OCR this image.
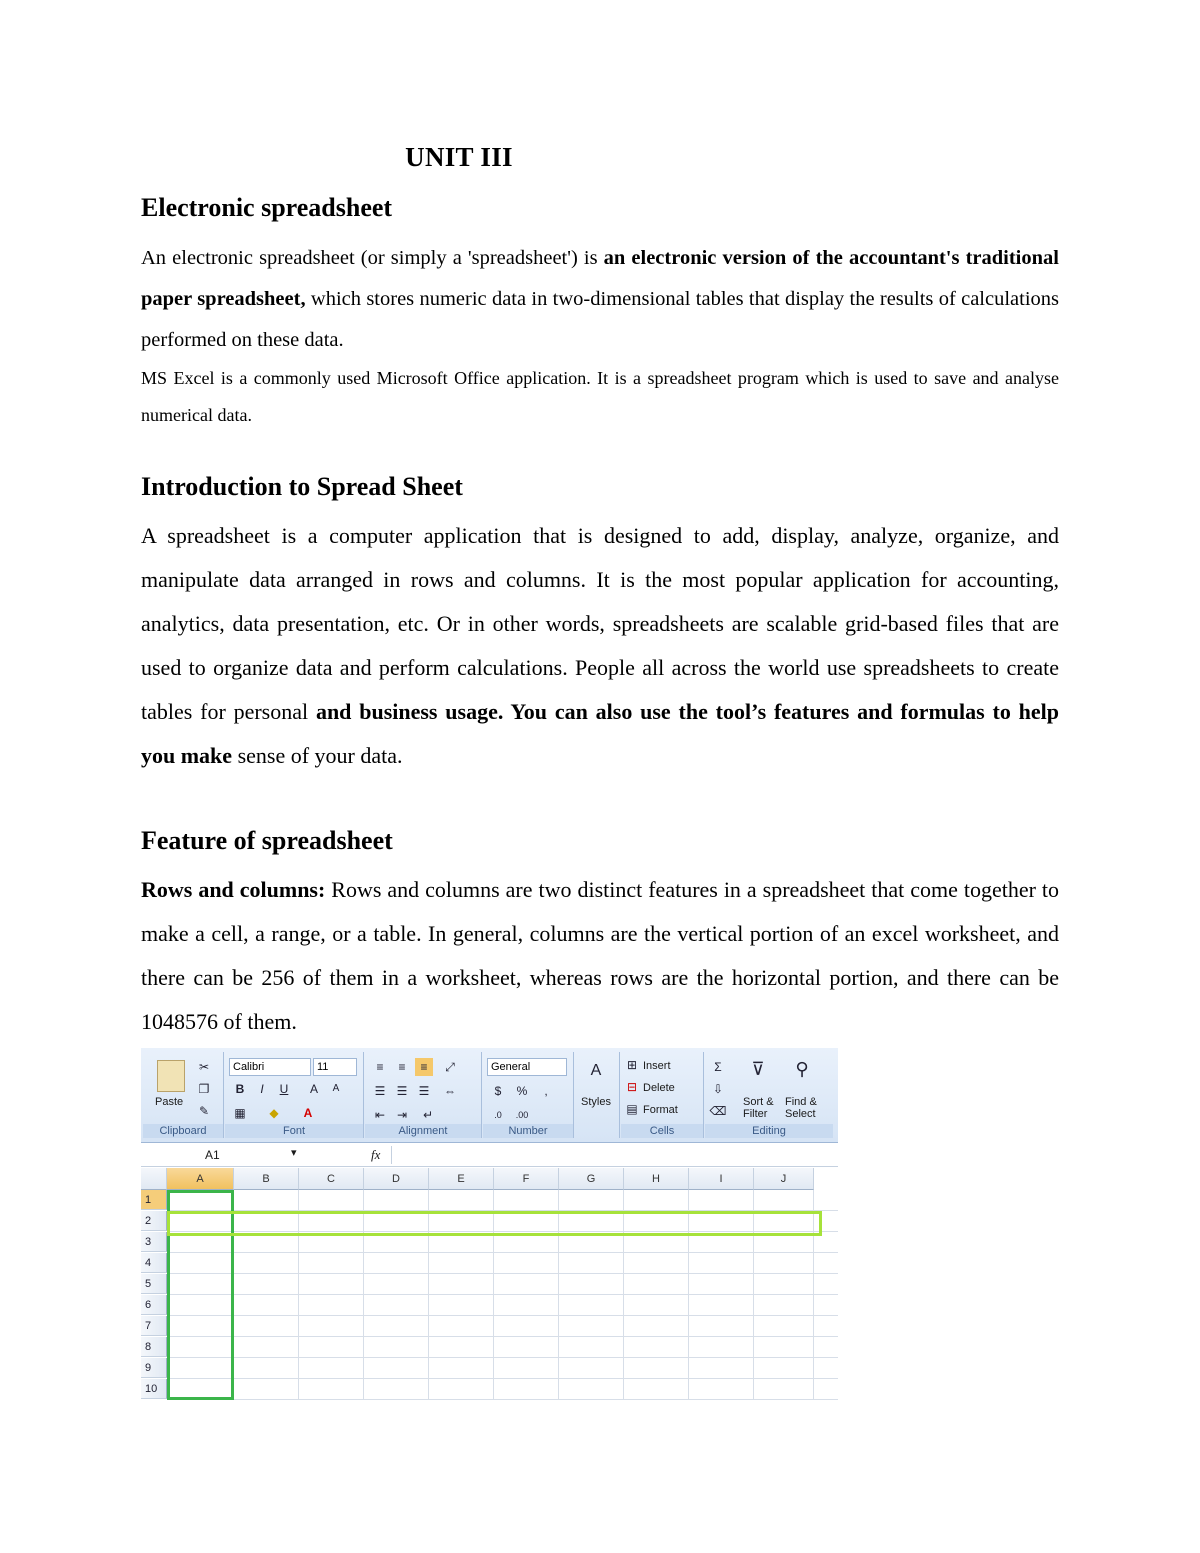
UNIT III
Electronic spreadsheet

An electronic spreadsheet (or simply a 'spreadsheet') is an electronic version of the accountant's traditional paper spreadsheet, which stores numeric data in two-dimensional tables that display the results of calculations performed on these data.

MS Excel is a commonly used Microsoft Office application. It is a spreadsheet program which is used to save and analyse numerical data.

Introduction to Spread Sheet

A spreadsheet is a computer application that is designed to add, display, analyze, organize, and manipulate data arranged in rows and columns. It is the most popular application for accounting, analytics, data presentation, etc. Or in other words, spreadsheets are scalable grid-based files that are used to organize data and perform calculations. People all across the world use spreadsheets to create tables for personal and business usage. You can also use the tool’s features and formulas to help you make sense of your data.

Feature of spreadsheet

Rows and columns: Rows and columns are two distinct features in a spreadsheet that come together to make a cell, a range, or a table. In general, columns are the vertical portion of an excel worksheet, and there can be 256 of them in a worksheet, whereas rows are the horizontal portion, and there can be 1048576 of them.

Paste
✂
❐
✎
Clipboard
Calibri	11
B	I	U	A	A
▦	◆	A
Font
≡	≡	≡	⤢
☰ ☰ ☰	⇔
⇤ ⇥	↵
Alignment
General
$	%	,
.0	.00
Number
A
Styles
Insert
⊞
Delete
⊟
Format
▤
Cells
Σ
⇩
⌫
⊽
Sort &
Filter
⚲
Find &
Select
Editing
A1	▾	fx
A	B	C	D	E	F	G	H	I	J
1
2
3
4
5
6
7
8
9
10
